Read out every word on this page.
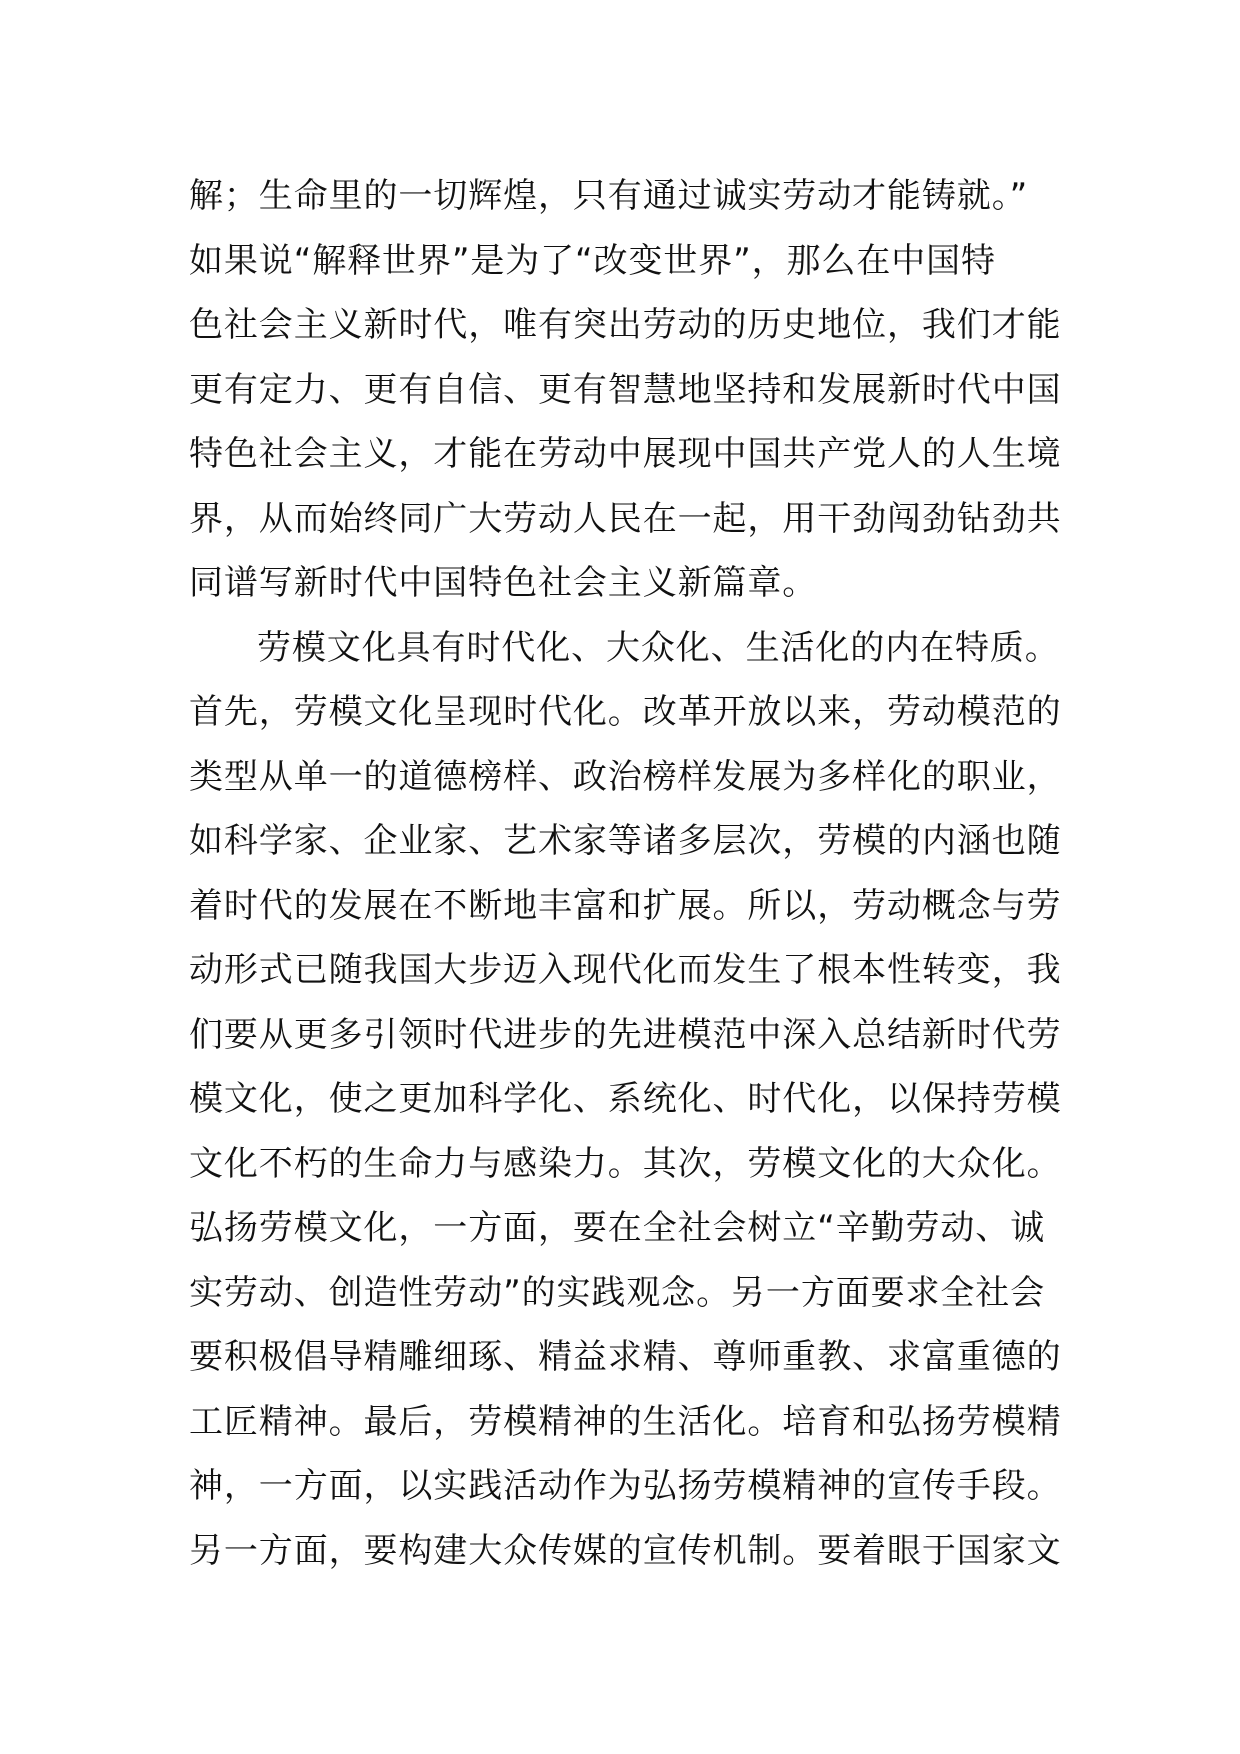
解；生命里的一切辉煌，只有通过诚实劳动才能铸就。”
如果说“解释世界”是为了“改变世界”，那么在中国特
色社会主义新时代，唯有突出劳动的历史地位，我们才能
更有定力、更有自信、更有智慧地坚持和发展新时代中国
特色社会主义，才能在劳动中展现中国共产党人的人生境
界，从而始终同广大劳动人民在一起，用干劲闯劲钻劲共
同谱写新时代中国特色社会主义新篇章。
劳模文化具有时代化、大众化、生活化的内在特质。
首先，劳模文化呈现时代化。改革开放以来，劳动模范的
类型从单一的道德榜样、政治榜样发展为多样化的职业，
如科学家、企业家、艺术家等诸多层次，劳模的内涵也随
着时代的发展在不断地丰富和扩展。所以，劳动概念与劳
动形式已随我国大步迈入现代化而发生了根本性转变，我
们要从更多引领时代进步的先进模范中深入总结新时代劳
模文化，使之更加科学化、系统化、时代化，以保持劳模
文化不朽的生命力与感染力。其次，劳模文化的大众化。
弘扬劳模文化，一方面，要在全社会树立“辛勤劳动、诚
实劳动、创造性劳动”的实践观念。另一方面要求全社会
要积极倡导精雕细琢、精益求精、尊师重教、求富重德的
工匠精神。最后，劳模精神的生活化。培育和弘扬劳模精
神，一方面，以实践活动作为弘扬劳模精神的宣传手段。
另一方面，要构建大众传媒的宣传机制。要着眼于国家文
